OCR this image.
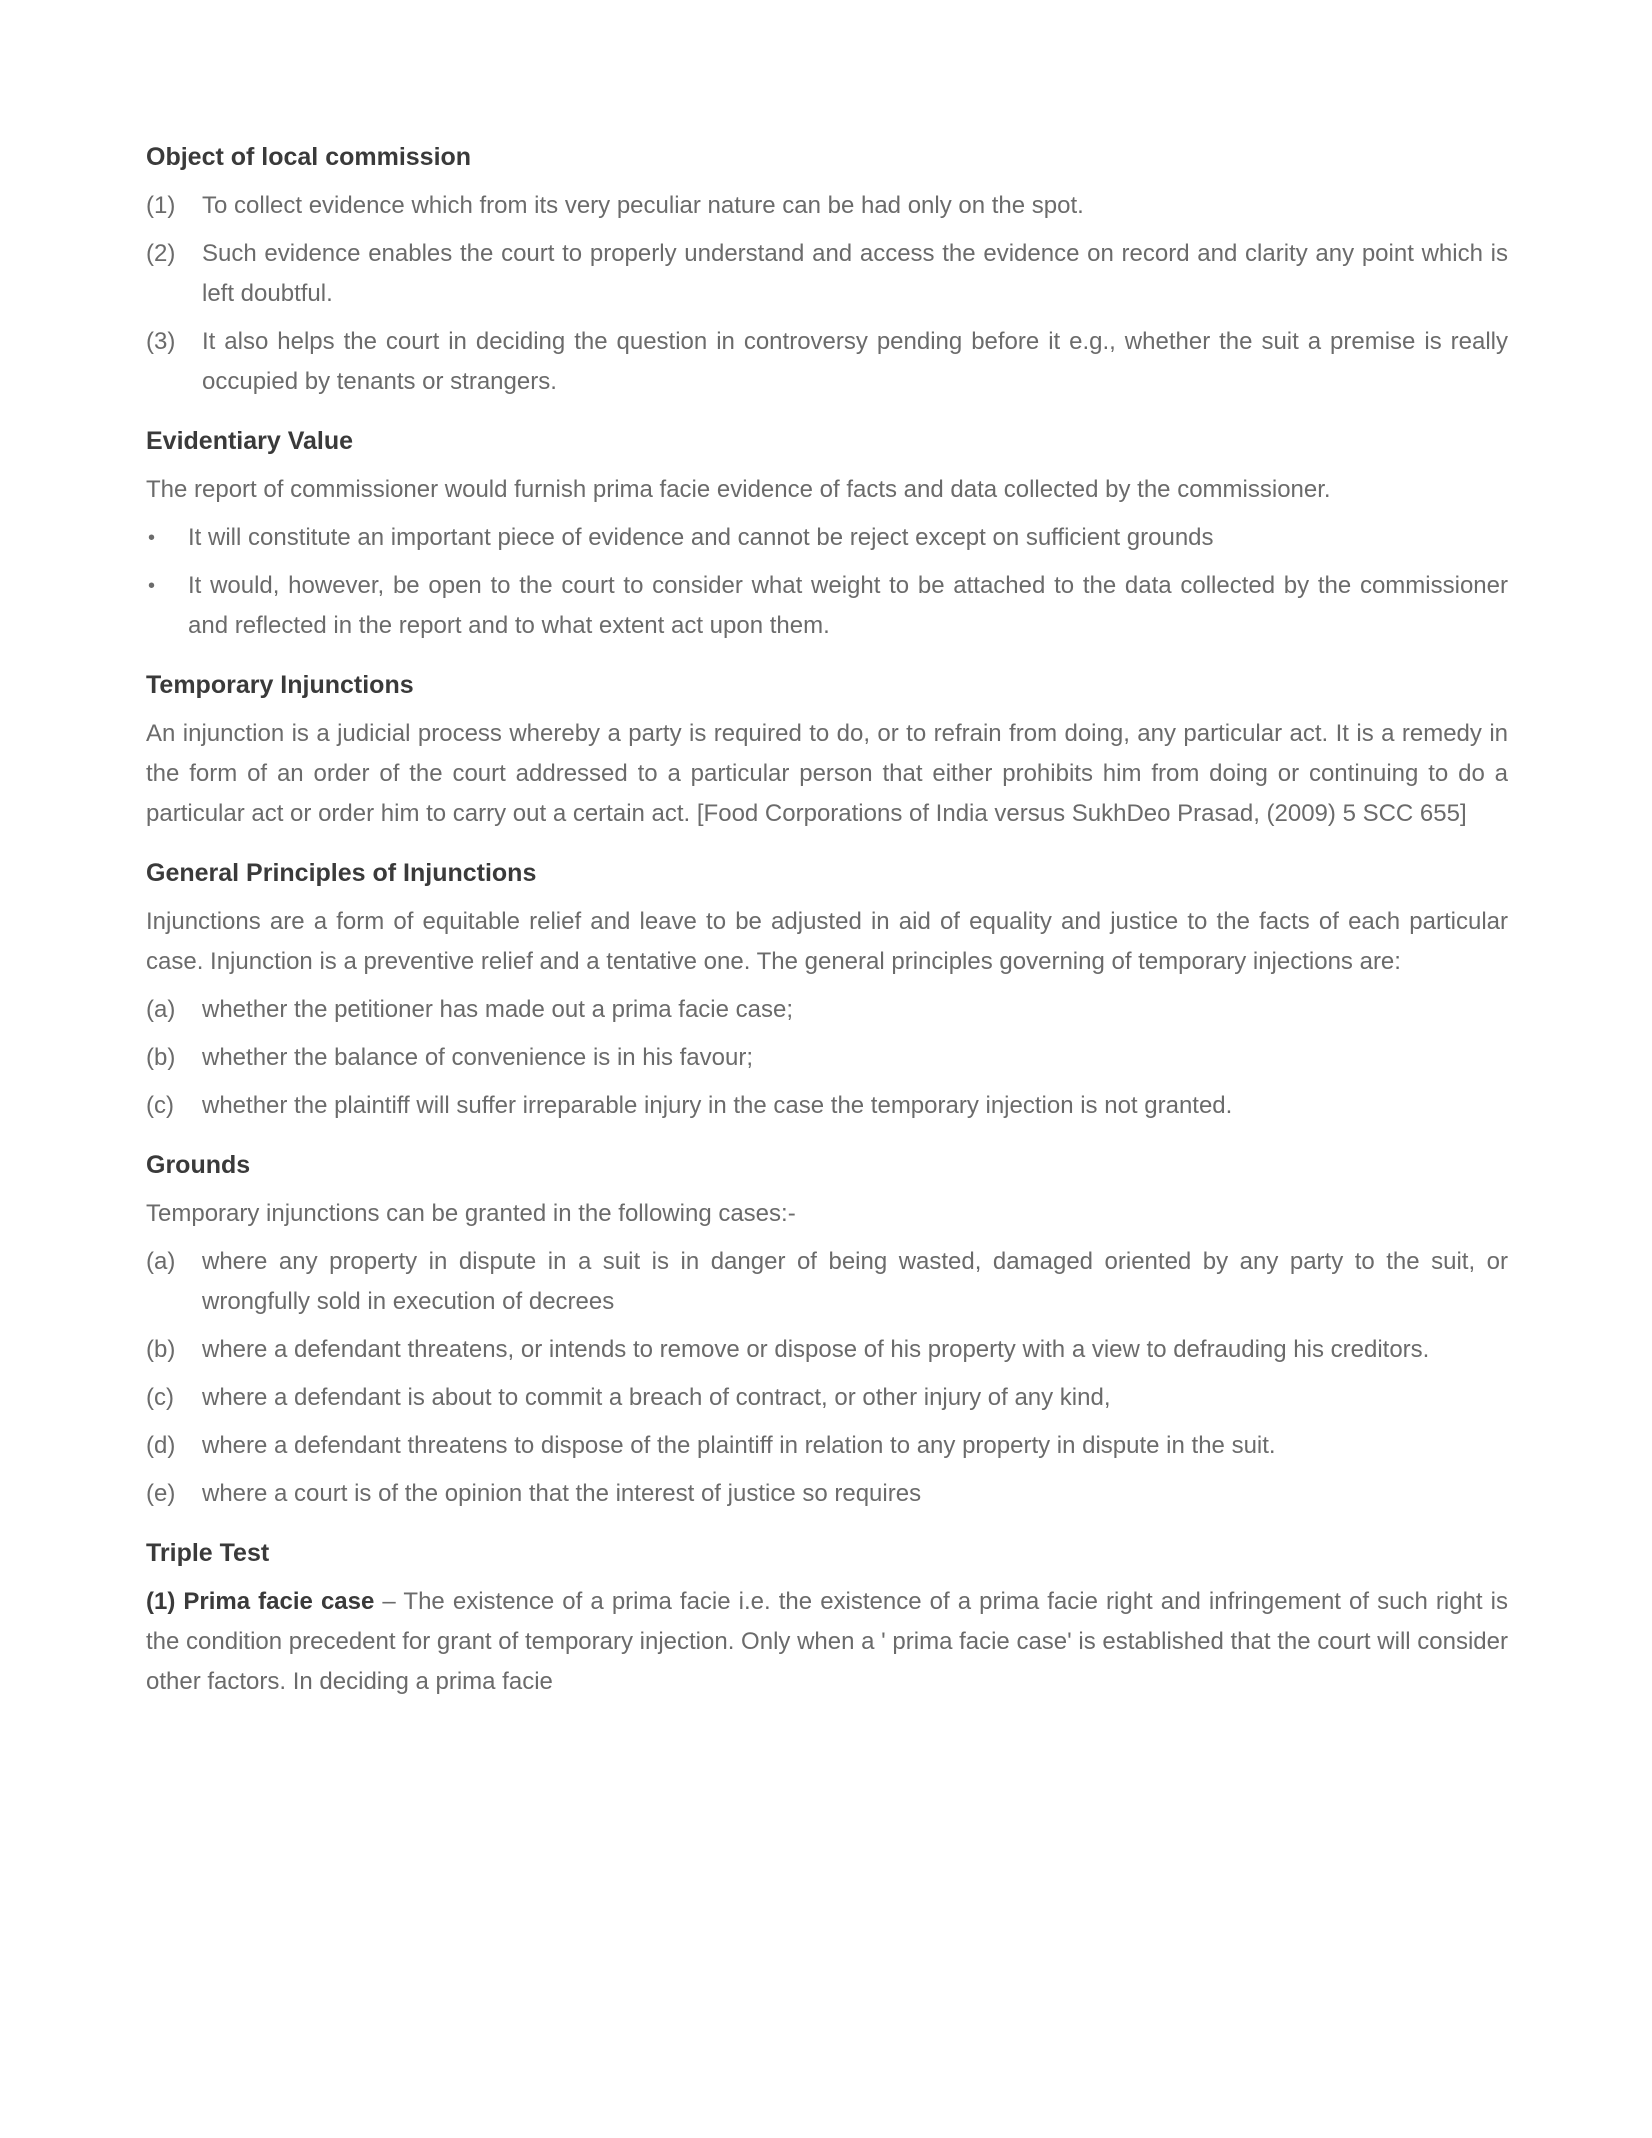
Object of local commission
(1)	To collect evidence which from its very peculiar nature can be had only on the spot.
(2)	Such evidence enables the court to properly understand and access the evidence on record and clarity any point which is left doubtful.
(3)	It also helps the court in deciding the question in controversy pending before it e.g., whether the suit a premise is really occupied by tenants or strangers.
Evidentiary Value

The report of commissioner would furnish prima facie evidence of facts and data collected by the commissioner.

•	It will constitute an important piece of evidence and cannot be reject except on sufficient grounds
•	It would, however, be open to the court to consider what weight to be attached to the data collected by the commissioner and reflected in the report and to what extent act upon them.
Temporary Injunctions

An injunction is a judicial process whereby a party is required to do, or to refrain from doing, any particular act. It is a remedy in the form of an order of the court addressed to a particular person that either prohibits him from doing or continuing to do a particular act or order him to carry out a certain act. [Food Corporations of India versus SukhDeo Prasad, (2009) 5 SCC 655]

General Principles of Injunctions

Injunctions are a form of equitable relief and leave to be adjusted in aid of equality and justice to the facts of each particular case. Injunction is a preventive relief and a tentative one. The general principles governing of temporary injections are:

(a)	whether the petitioner has made out a prima facie case;
(b)	whether the balance of convenience is in his favour;
(c)	whether the plaintiff will suffer irreparable injury in the case the temporary injection is not granted.
Grounds

Temporary injunctions can be granted in the following cases:-

(a)	where any property in dispute in a suit is in danger of being wasted, damaged oriented by any party to the suit, or wrongfully sold in execution of decrees
(b)	where a defendant threatens, or intends to remove or dispose of his property with a view to defrauding his creditors.
(c)	where a defendant is about to commit a breach of contract, or other injury of any kind,
(d)	where a defendant threatens to dispose of the plaintiff in relation to any property in dispute in the suit.
(e)	where a court is of the opinion that the interest of justice so requires
Triple Test

(1) Prima facie case – The existence of a prima facie i.e. the existence of a prima facie right and infringement of such right is the condition precedent for grant of temporary injection. Only when a ' prima facie case' is established that the court will consider other factors. In deciding a prima facie
